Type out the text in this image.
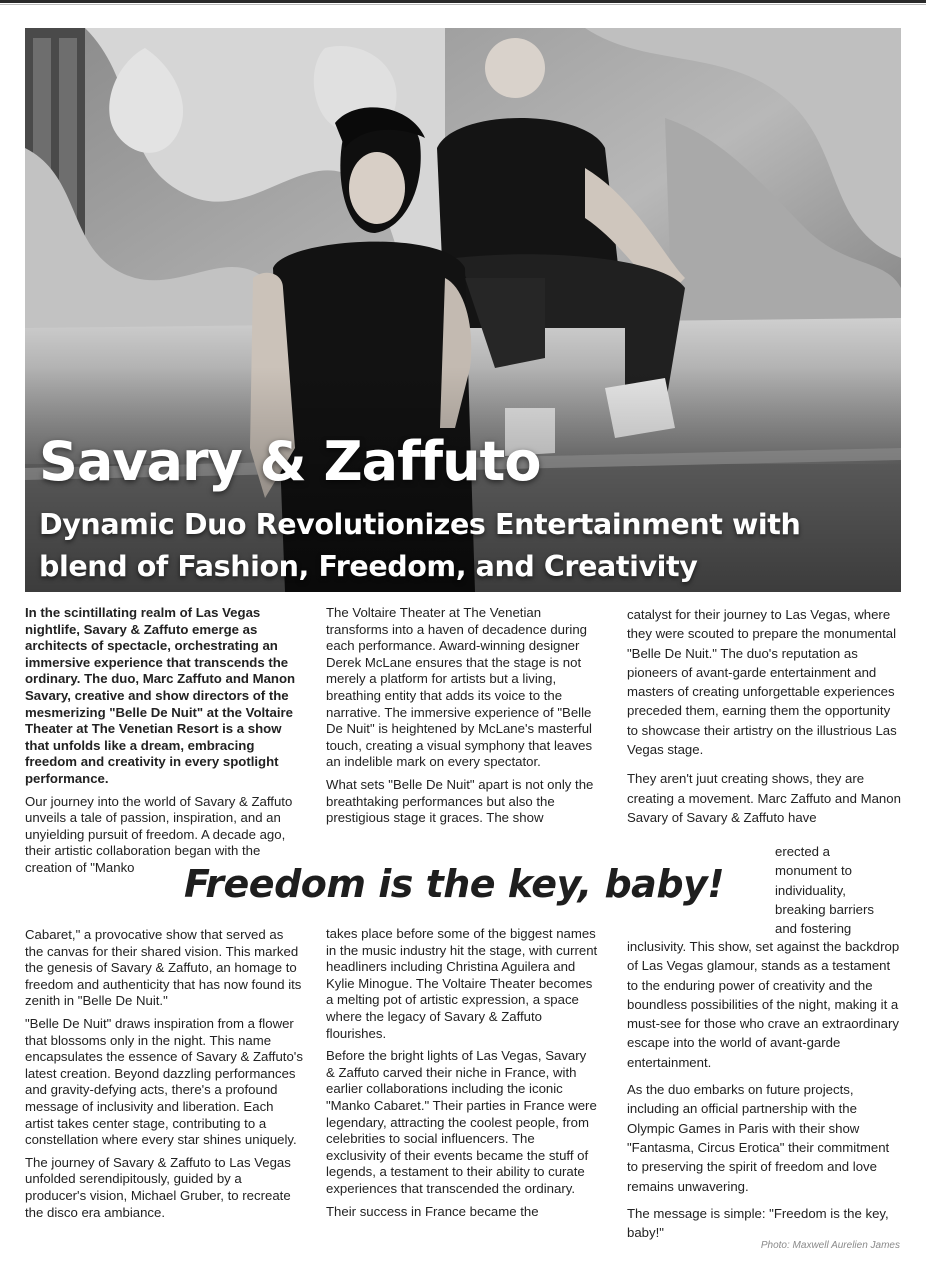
Savary & Zaffuto
Dynamic Duo Revolutionizes Entertainment with blend of Fashion, Freedom, and Creativity

In the scintillating realm of Las Vegas nightlife, Savary & Zaffuto emerge as architects of spectacle, orchestrating an immersive experience that transcends the ordinary. The duo, Marc Zaffuto and Manon Savary, creative and show directors of the mesmerizing "Belle De Nuit" at the Voltaire Theater at The Venetian Resort is a show that unfolds like a dream, embracing freedom and creativity in every spotlight performance.

Our journey into the world of Savary & Zaffuto unveils a tale of passion, inspiration, and an unyielding pursuit of freedom. A decade ago, their artistic collaboration began with the creation of "Manko

Cabaret," a provocative show that served as the canvas for their shared vision. This marked the genesis of Savary & Zaffuto, an homage to freedom and authenticity that has now found its zenith in "Belle De Nuit."

"Belle De Nuit" draws inspiration from a flower that blossoms only in the night. This name encapsulates the essence of Savary & Zaffuto's latest creation. Beyond dazzling performances and gravity-defying acts, there's a profound message of inclusivity and liberation. Each artist takes center stage, contributing to a constellation where every star shines uniquely.

The journey of Savary & Zaffuto to Las Vegas unfolded serendipitously, guided by a producer's vision, Michael Gruber, to recreate the disco era ambiance.

The Voltaire Theater at The Venetian transforms into a haven of decadence during each performance. Award-winning designer Derek McLane ensures that the stage is not merely a platform for artists but a living, breathing entity that adds its voice to the narrative. The immersive experience of "Belle De Nuit" is heightened by McLane's masterful touch, creating a visual symphony that leaves an indelible mark on every spectator.

What sets "Belle De Nuit" apart is not only the breathtaking performances but also the prestigious stage it graces. The show

takes place before some of the biggest names in the music industry hit the stage, with current headliners including Christina Aguilera and Kylie Minogue. The Voltaire Theater becomes a melting pot of artistic expression, a space where the legacy of Savary & Zaffuto flourishes.

Before the bright lights of Las Vegas, Savary & Zaffuto carved their niche in France, with earlier collaborations including the iconic "Manko Cabaret." Their parties in France were legendary, attracting the coolest people, from celebrities to social influencers. The exclusivity of their events became the stuff of legends, a testament to their ability to curate experiences that transcended the ordinary.

Their success in France became the

catalyst for their journey to Las Vegas, where they were scouted to prepare the monumental "Belle De Nuit." The duo's reputation as pioneers of avant-garde entertainment and masters of creating unforgettable experiences preceded them, earning them the opportunity to showcase their artistry on the illustrious Las Vegas stage.

They aren't juut creating shows, they are creating a movement. Marc Zaffuto and Manon Savary of Savary & Zaffuto have

erected a monument to individuality, breaking barriers and fostering

inclusivity. This show, set against the backdrop of Las Vegas glamour, stands as a testament to the enduring power of creativity and the boundless possibilities of the night, making it a must-see for those who crave an extraordinary escape into the world of avant-garde entertainment.

As the duo embarks on future projects, including an official partnership with the Olympic Games in Paris with their show "Fantasma, Circus Erotica" their commitment to preserving the spirit of freedom and love remains unwavering.

The message is simple: "Freedom is the key, baby!"

Freedom is the key, baby!
Photo: Maxwell Aurelien James
